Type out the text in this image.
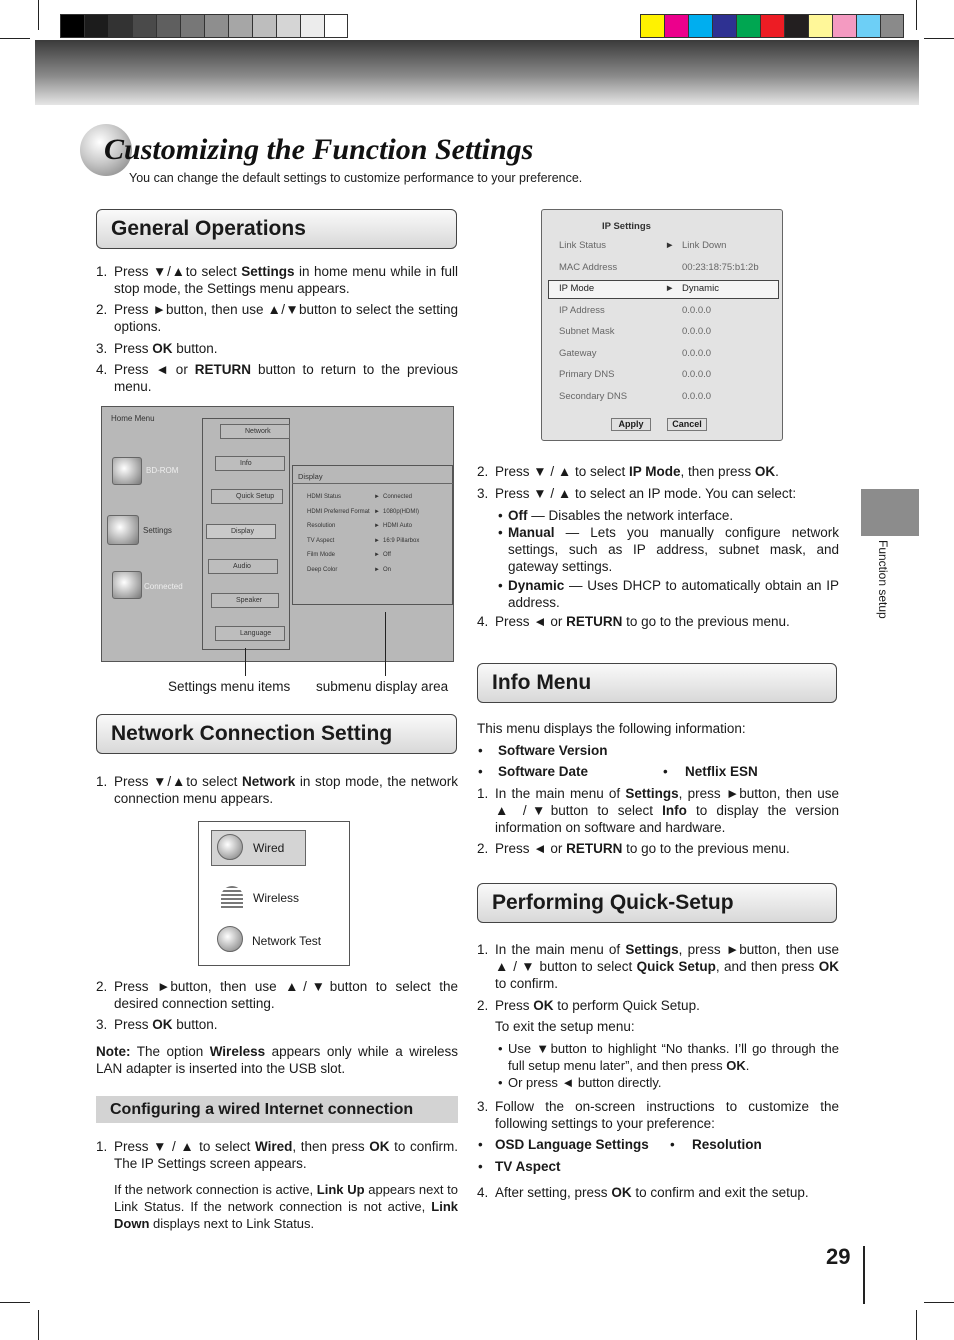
Customizing the Function Settings
You can change the default settings to customize performance to your preference.
General Operations
1. Press ▼/▲to select Settings in home menu while in full stop mode, the Settings menu appears.
2. Press ►button, then use ▲/▼button to select the setting options.
3. Press OK button.
4. Press ◄ or RETURN button to return to the previous menu.
Home Menu
BD-ROM
Settings
Connected
Network
Info
Quick Setup
Display
Audio
Speaker
Language
Display
HDMI Status	► Connected
HDMI Preferred Format ► 1080p(HDMI)
Resolution	► HDMI Auto
TV Aspect	► 16:9 Pillarbox
Film Mode	► Off
Deep Color	► On
Settings menu items submenu display area
Network Connection Setting
1. Press ▼/▲to select Network in stop mode, the network connection menu appears.
Wired
Wireless
Network Test
2. Press ►button, then use ▲/▼button to select the desired connection setting.
3. Press OK button.
Note: The option Wireless appears only while a wireless LAN adapter is inserted into the USB slot.
Configuring a wired Internet connection
1. Press ▼ / ▲ to select Wired, then press OK to confirm. The IP Settings screen appears.
If the network connection is active, Link Up appears next to Link Status. If the network connection is not active, Link Down displays next to Link Status.
IP Settings
Link Status	► Link Down
MAC Address	00:23:18:75:b1:2b
IP Mode	► Dynamic
IP Address	0.0.0.0
Subnet Mask	0.0.0.0
Gateway	0.0.0.0
Primary DNS	0.0.0.0
Secondary DNS	0.0.0.0
Apply	Cancel
2. Press ▼ / ▲ to select IP Mode, then press OK.
3. Press ▼ / ▲ to select an IP mode. You can select:
• Off — Disables the network interface.
• Manual — Lets you manually configure network settings, such as IP address, subnet mask, and gateway settings.
• Dynamic — Uses DHCP to automatically obtain an IP address.
4. Press ◄ or RETURN to go to the previous menu.
Info Menu
This menu displays the following information:
• Software Version
• Software Date	• Netflix ESN
1. In the main menu of Settings, press ►button, then use ▲ /▼button to select Info to display the version information on software and hardware.
2. Press ◄ or RETURN to go to the previous menu.
Performing Quick-Setup
1. In the main menu of Settings, press ►button, then use ▲ / ▼ button to select Quick Setup, and then press OK to confirm.
2. Press OK to perform Quick Setup.
To exit the setup menu:
• Use ▼button to highlight “No thanks. I’ll go through the full setup menu later”, and then press OK.
• Or press ◄ button directly.
3. Follow the on-screen instructions to customize the following settings to your preference:
• OSD Language Settings	• Resolution
• TV Aspect
4. After setting, press OK to confirm and exit the setup.
Function setup
29
